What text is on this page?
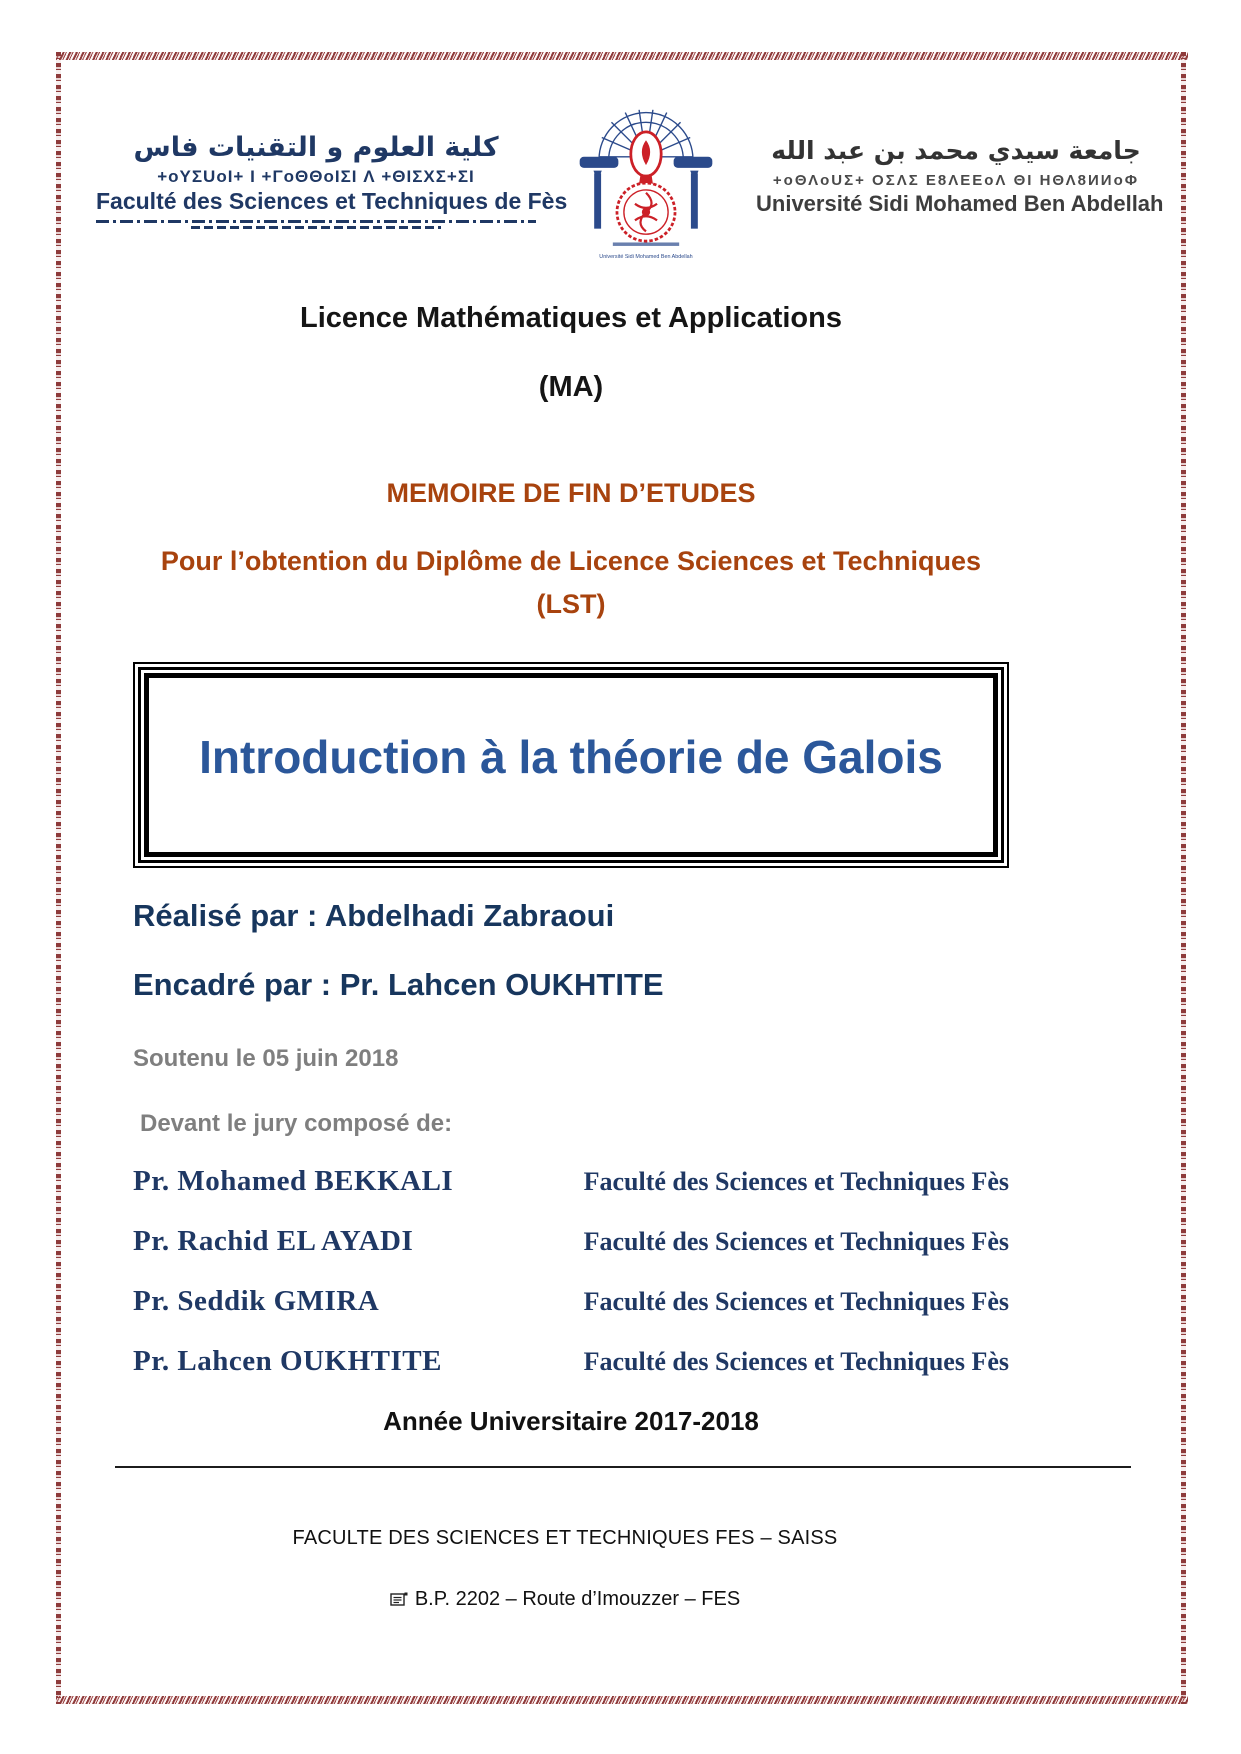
كلية العلوم و التقنيات فاس
+oYΣUoI+ I +ΓoΘΘoIΣI Λ +ΘIΣXΣ+ΣI
Faculté des Sciences et Techniques de Fès
Université Sidi Mohamed Ben Abdellah
جامعة سيدي محمد بن عبد الله
+oΘΛoUΣ+ OΣΛΣ Ε8ΛΕΕoΛ ΘΙ ΗΘΛ8ИИoΦ
Université Sidi Mohamed Ben Abdellah
Licence Mathématiques et Applications
(MA)
MEMOIRE DE FIN D’ETUDES
Pour l’obtention du Diplôme de Licence Sciences et Techniques
(LST)
Introduction à la théorie de Galois
Réalisé par : Abdelhadi Zabraoui
Encadré par : Pr. Lahcen OUKHTITE
Soutenu le 05 juin 2018
Devant le jury composé de:
Pr. Mohamed BEKKALI	Faculté des Sciences et Techniques Fès
Pr. Rachid EL AYADI	Faculté des Sciences et Techniques Fès
Pr. Seddik GMIRA	Faculté des Sciences et Techniques Fès
Pr. Lahcen OUKHTITE	Faculté des Sciences et Techniques Fès
Année Universitaire 2017-2018
FACULTE DES SCIENCES ET TECHNIQUES FES – SAISS
B.P. 2202 – Route d’Imouzzer – FES
